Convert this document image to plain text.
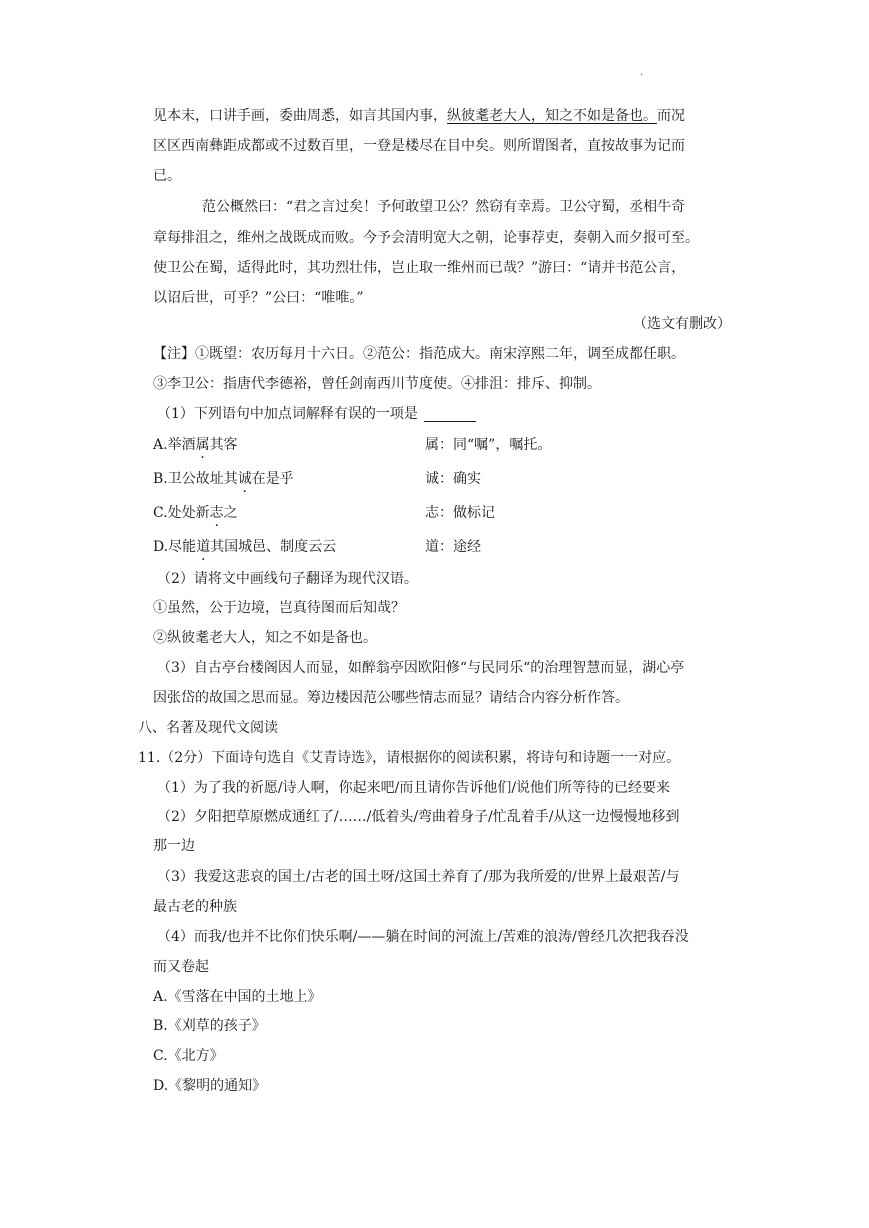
·
见本末，口讲手画，委曲周悉，如言其国内事，纵彼耄老大人，知之不如是备也。而况
区区西南彝距成都或不过数百里，一登是楼尽在目中矣。则所谓图者，直按故事为记而
已。
范公概然曰：“君之言过矣！予何敢望卫公？然窃有幸焉。卫公守蜀，丞相牛奇
章每排沮之，维州之战既成而败。今予会清明宽大之朝，论事荐吏，奏朝入而夕报可至。
使卫公在蜀，适得此时，其功烈壮伟，岂止取一维州而已哉？”游曰：“请并书范公言，
以诏后世，可乎？”公曰：“唯唯。”
（选文有删改）
【注】①既望：农历每月十六日。②范公：指范成大。南宋淳熙二年，调至成都任职。
③李卫公：指唐代李德裕，曾任剑南西川节度使。④排沮：排斥、抑制。
（1）下列语句中加点词解释有误的一项是
A.举酒属其客	属：同“嘱”，嘱托。
B.卫公故址其诚在是乎	诚：确实
C.处处新志之	志：做标记
D.尽能道其国城邑、制度云云	道：途经
（2）请将文中画线句子翻译为现代汉语。
①虽然，公于边境，岂真待图而后知哉？
②纵彼耄老大人，知之不如是备也。
（3）自古亭台楼阁因人而显，如醉翁亭因欧阳修“与民同乐“的治理智慧而显，湖心亭
因张岱的故国之思而显。筹边楼因范公哪些情志而显？请结合内容分析作答。
八、名著及现代文阅读
11.（2分）下面诗句选自《艾青诗选》，请根据你的阅读积累，将诗句和诗题一一对应。
（1）为了我的祈愿/诗人啊，你起来吧/而且请你告诉他们/说他们所等待的已经要来
（2）夕阳把草原燃成通红了/……/低着头/弯曲着身子/忙乱着手/从这一边慢慢地移到
那一边
（3）我爱这悲哀的国土/古老的国土呀/这国土养育了/那为我所爱的/世界上最艰苦/与
最古老的种族
（4）而我/也并不比你们快乐啊/——躺在时间的河流上/苦难的浪涛/曾经几次把我吞没
而又卷起
A.《雪落在中国的土地上》
B.《刈草的孩子》
C.《北方》
D.《黎明的通知》
